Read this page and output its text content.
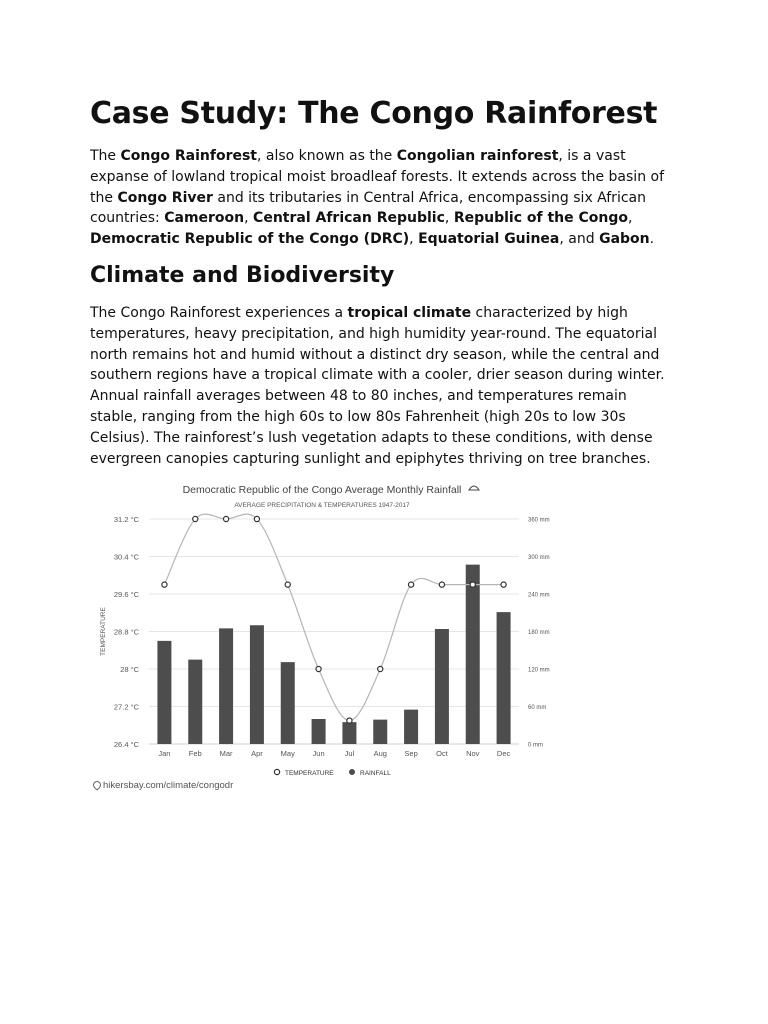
Case Study: The Congo Rainforest

The Congo Rainforest, also known as the Congolian rainforest, is a vast expanse of lowland tropical moist broadleaf forests. It extends across the basin of the Congo River and its tributaries in Central Africa, encompassing six African countries: Cameroon, Central African Republic, Republic of the Congo, Democratic Republic of the Congo (DRC), Equatorial Guinea, and Gabon.

Climate and Biodiversity

The Congo Rainforest experiences a tropical climate characterized by high temperatures, heavy precipitation, and high humidity year-round. The equatorial north remains hot and humid without a distinct dry season, while the central and southern regions have a tropical climate with a cooler, drier season during winter. Annual rainfall averages between 48 to 80 inches, and temperatures remain stable, ranging from the high 60s to low 80s Fahrenheit (high 20s to low 30s Celsius). The rainforest’s lush vegetation adapts to these conditions, with dense evergreen canopies capturing sunlight and epiphytes thriving on tree branches.

Democratic Republic of the Congo Average Monthly Rainfall
AVERAGE PRECIPITATION & TEMPERATURES 1947-2017
26.4 °C	0 mm
27.2 °C	60 mm
28 °C	120 mm
28.8 °C	180 mm
29.6 °C	240 mm
30.4 °C	300 mm
31.2 °C	360 mm
TEMPERATURE
Jan Feb Mar Apr May Jun	Jul	Aug Sep Oct Nov Dec
TEMPERATURE	RAINFALL
hikersbay.com/climate/congodr
